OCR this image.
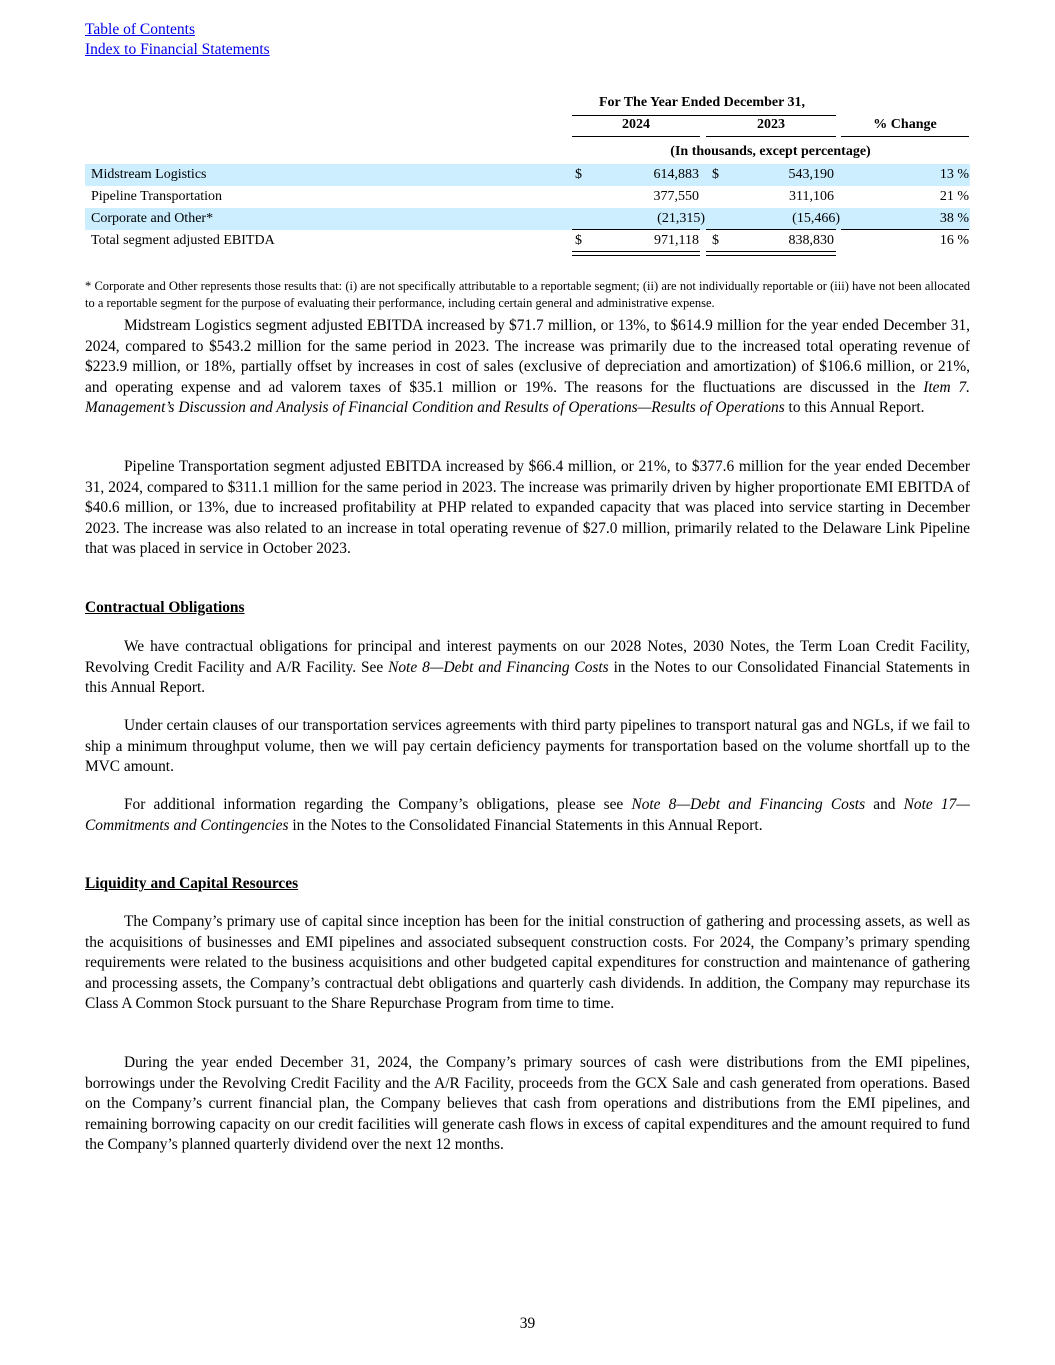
Table of Contents
Index to Financial Statements
For The Year Ended December 31,
2024	2023	% Change
(In thousands, except percentage)
Midstream Logistics	$	614,883 $	543,190	13 %
Pipeline Transportation	377,550	311,106	21 %
Corporate and Other*	(21,315)	(15,466)	38 %
Total segment adjusted EBITDA	$	971,118 $	838,830	16 %

* Corporate and Other represents those results that: (i) are not specifically attributable to a reportable segment; (ii) are not individually reportable or (iii) have not been allocated to a reportable segment for the purpose of evaluating their performance, including certain general and administrative expense.

Midstream Logistics segment adjusted EBITDA increased by $71.7 million, or 13%, to $614.9 million for the year ended December 31, 2024, compared to $543.2 million for the same period in 2023. The increase was primarily due to the increased total operating revenue of $223.9 million, or 18%, partially offset by increases in cost of sales (exclusive of depreciation and amortization) of $106.6 million, or 21%, and operating expense and ad valorem taxes of $35.1 million or 19%. The reasons for the fluctuations are discussed in the Item 7. Management’s Discussion and Analysis of Financial Condition and Results of Operations—Results of Operations to this Annual Report.

Pipeline Transportation segment adjusted EBITDA increased by $66.4 million, or 21%, to $377.6 million for the year ended December 31, 2024, compared to $311.1 million for the same period in 2023. The increase was primarily driven by higher proportionate EMI EBITDA of $40.6 million, or 13%, due to increased profitability at PHP related to expanded capacity that was placed into service starting in December 2023. The increase was also related to an increase in total operating revenue of $27.0 million, primarily related to the Delaware Link Pipeline that was placed in service in October 2023.

Contractual Obligations

We have contractual obligations for principal and interest payments on our 2028 Notes, 2030 Notes, the Term Loan Credit Facility, Revolving Credit Facility and A/R Facility. See Note 8—Debt and Financing Costs in the Notes to our Consolidated Financial Statements in this Annual Report.

Under certain clauses of our transportation services agreements with third party pipelines to transport natural gas and NGLs, if we fail to ship a minimum throughput volume, then we will pay certain deficiency payments for transportation based on the volume shortfall up to the MVC amount.

For additional information regarding the Company’s obligations, please see Note 8—Debt and Financing Costs and Note 17—Commitments and Contingencies in the Notes to the Consolidated Financial Statements in this Annual Report.

Liquidity and Capital Resources

The Company’s primary use of capital since inception has been for the initial construction of gathering and processing assets, as well as the acquisitions of businesses and EMI pipelines and associated subsequent construction costs. For 2024, the Company’s primary spending requirements were related to the business acquisitions and other budgeted capital expenditures for construction and maintenance of gathering and processing assets, the Company’s contractual debt obligations and quarterly cash dividends. In addition, the Company may repurchase its Class A Common Stock pursuant to the Share Repurchase Program from time to time.

During the year ended December 31, 2024, the Company’s primary sources of cash were distributions from the EMI pipelines, borrowings under the Revolving Credit Facility and the A/R Facility, proceeds from the GCX Sale and cash generated from operations. Based on the Company’s current financial plan, the Company believes that cash from operations and distributions from the EMI pipelines, and remaining borrowing capacity on our credit facilities will generate cash flows in excess of capital expenditures and the amount required to fund the Company’s planned quarterly dividend over the next 12 months.

39
